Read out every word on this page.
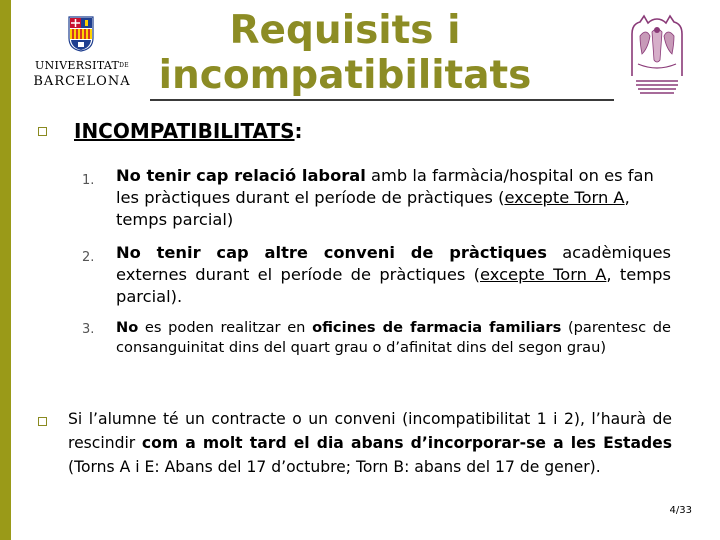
$UNIVERSITAT^{DE}$
BARCELONA
Requisits i
incompatibilitats
INCOMPATIBILITATS:
1. No tenir cap relació laboral amb la farmàcia/hospital on es fan les pràctiques durant el període de pràctiques (excepte Torn A, temps parcial)
2. No tenir cap altre conveni de pràctiques acadèmiques externes durant el període de pràctiques (excepte Torn A, temps parcial).
3. No es poden realitzar en oficines de farmacia familiars (parentesc de consanguinitat dins del quart grau o d’afinitat dins del segon grau)
Si l’alumne té un contracte o un conveni (incompatibilitat 1 i 2), l’haurà de rescindir com a molt tard el dia abans d’incorporar-se a les Estades (Torns A i E: Abans del 17 d’octubre; Torn B: abans del 17 de gener).
4/33
